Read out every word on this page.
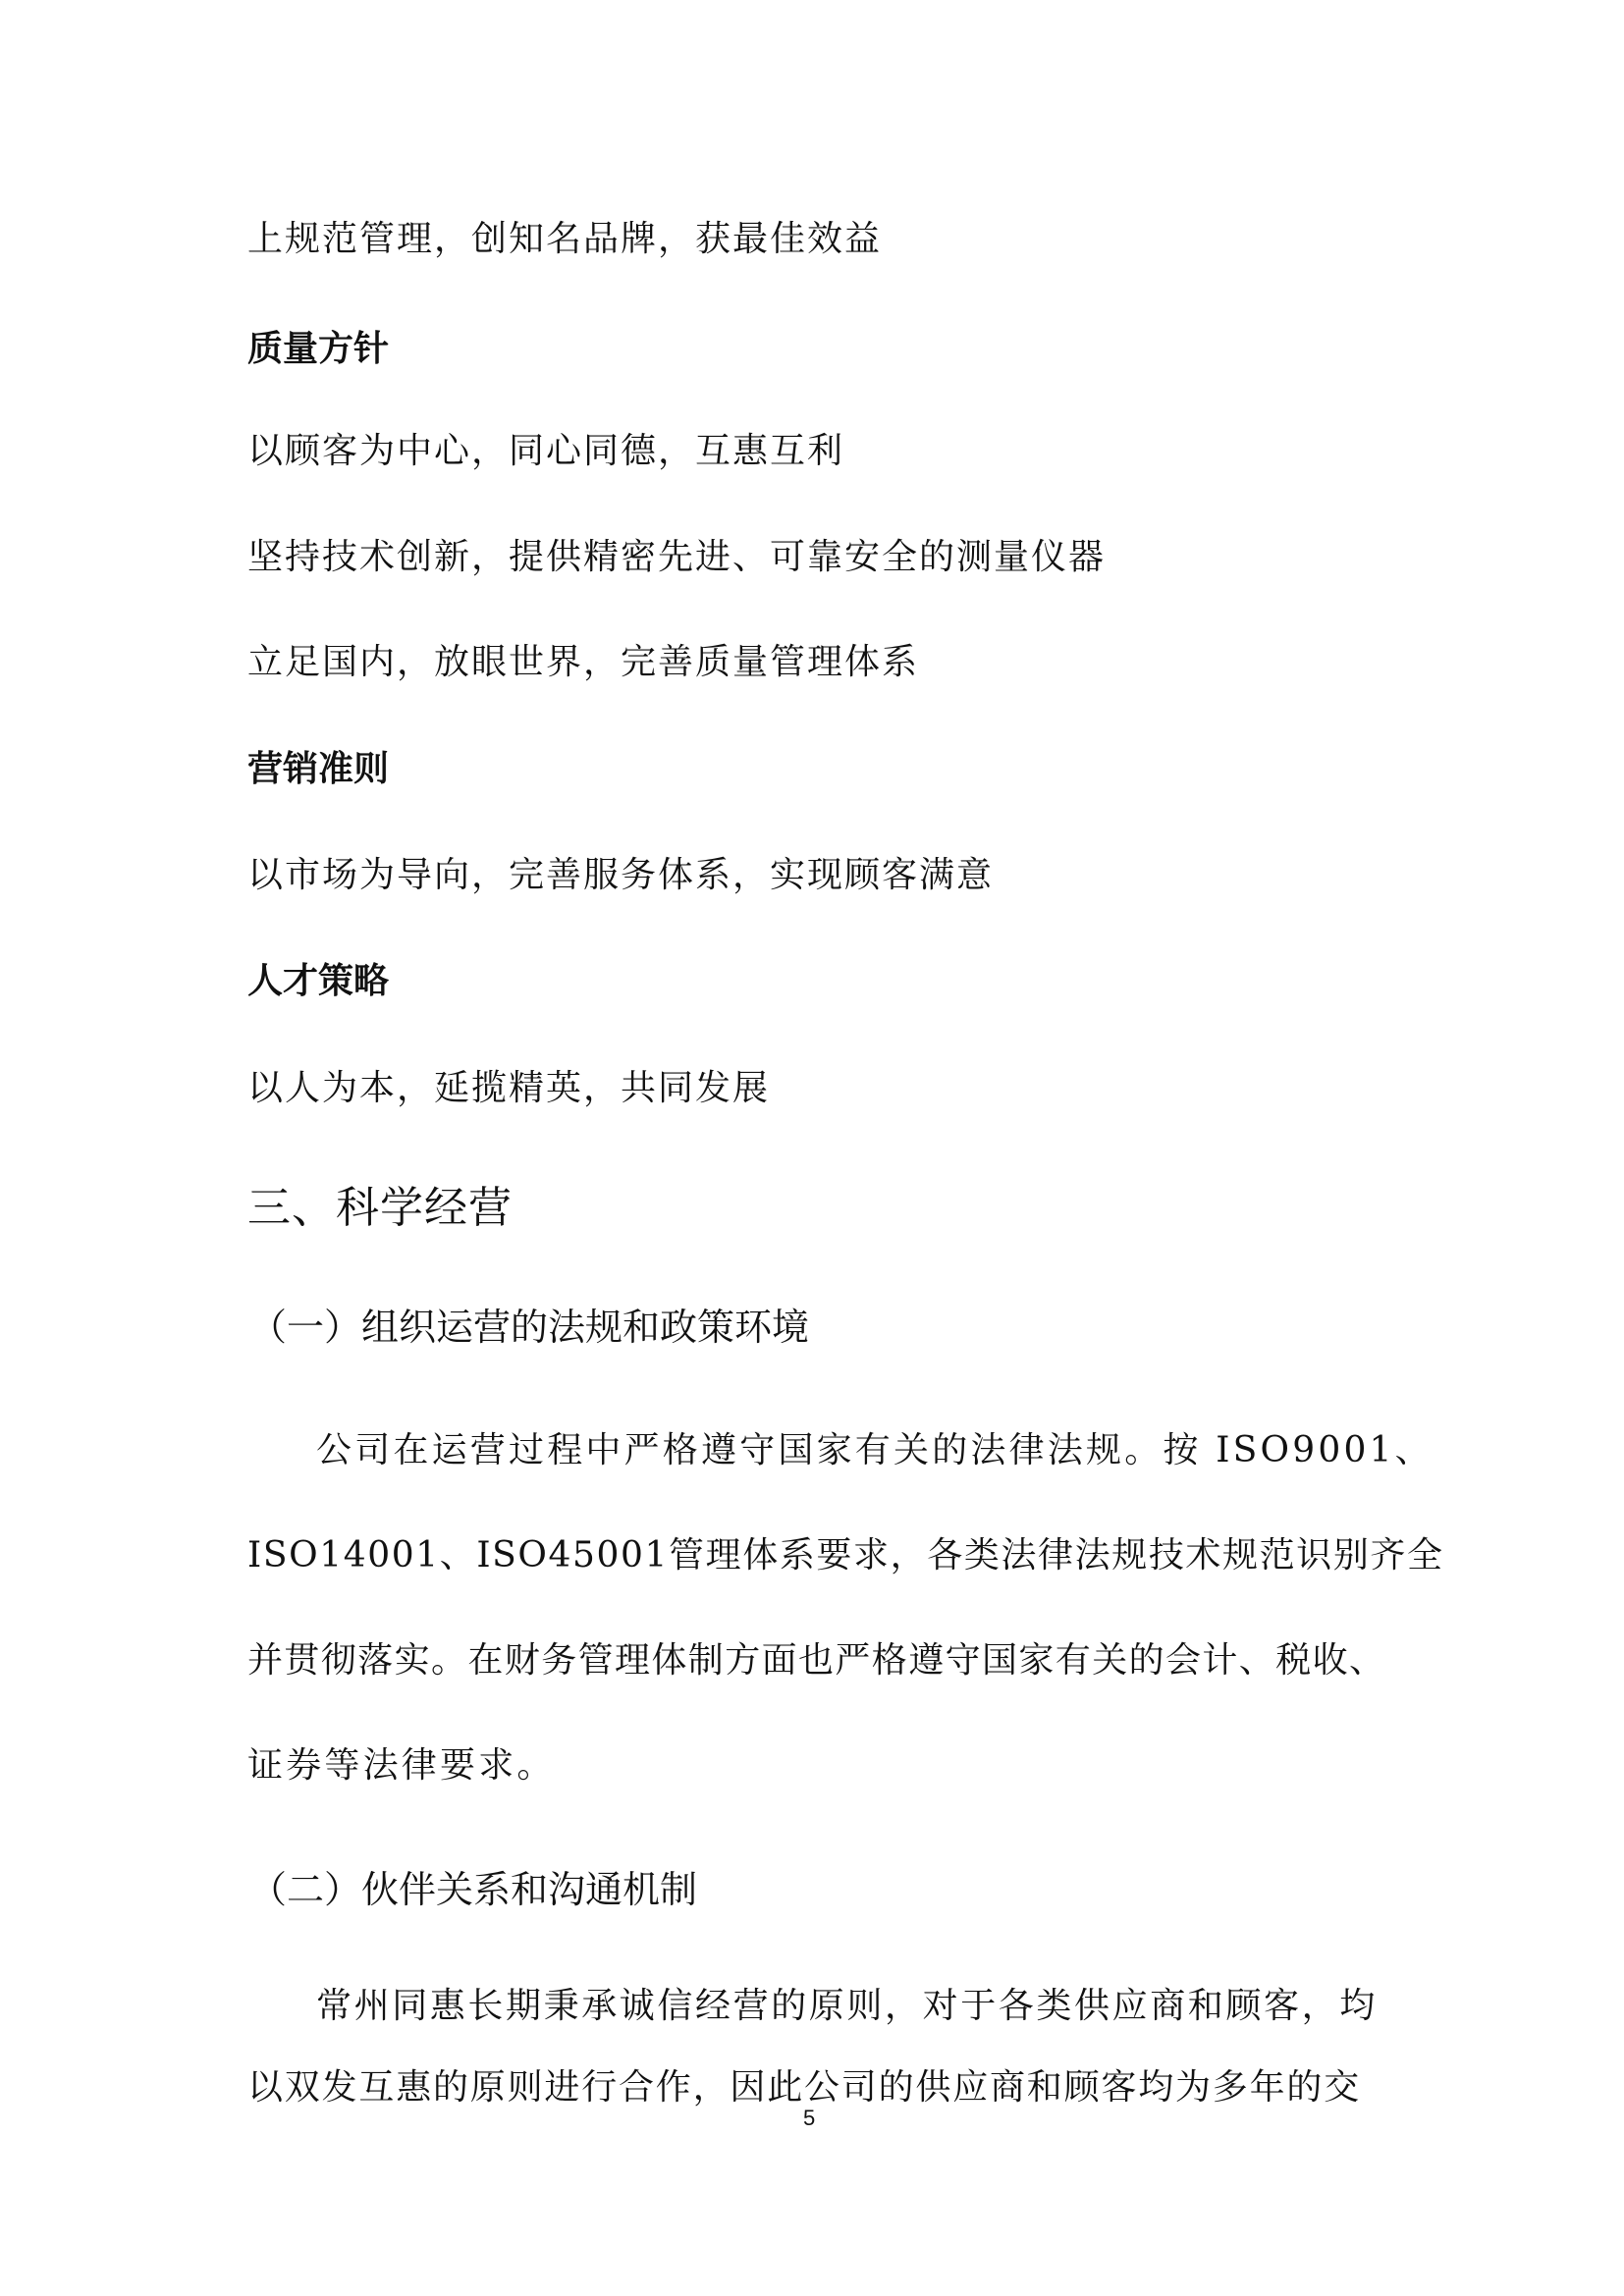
上规范管理，创知名品牌，获最佳效益
质量方针
以顾客为中心，同心同德，互惠互利
坚持技术创新，提供精密先进、可靠安全的测量仪器
立足国内，放眼世界，完善质量管理体系
营销准则
以市场为导向，完善服务体系，实现顾客满意
人才策略
以人为本，延揽精英，共同发展
三、科学经营
（一）组织运营的法规和政策环境
公司在运营过程中严格遵守国家有关的法律法规。按 ISO9001、
ISO14001、ISO45001管理体系要求，各类法律法规技术规范识别齐全
并贯彻落实。在财务管理体制方面也严格遵守国家有关的会计、税收、
证券等法律要求。
（二）伙伴关系和沟通机制
常州同惠长期秉承诚信经营的原则，对于各类供应商和顾客，均
以双发互惠的原则进行合作，因此公司的供应商和顾客均为多年的交
5
